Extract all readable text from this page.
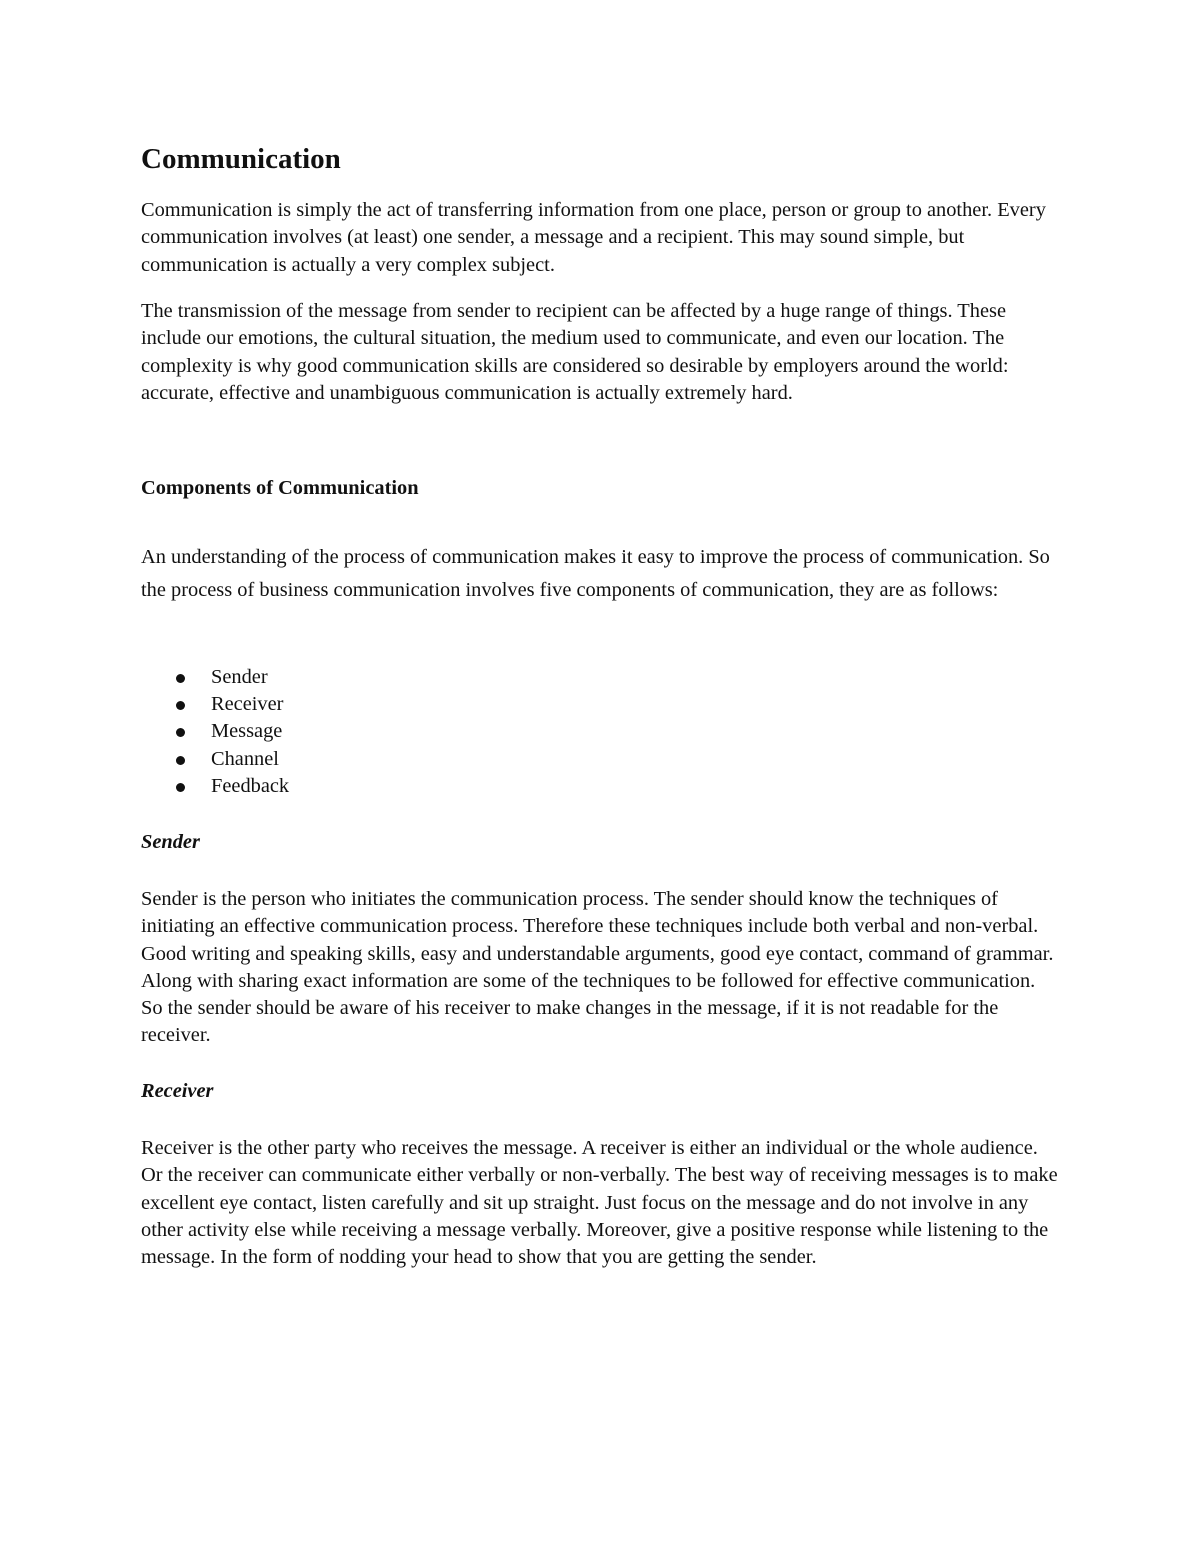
Communication

Communication is simply the act of transferring information from one place, person or group to another. Every communication involves (at least) one sender, a message and a recipient. This may sound simple, but communication is actually a very complex subject.

The transmission of the message from sender to recipient can be affected by a huge range of things. These include our emotions, the cultural situation, the medium used to communicate, and even our location. The complexity is why good communication skills are considered so desirable by employers around the world: accurate, effective and unambiguous communication is actually extremely hard.

Components of Communication

An understanding of the process of communication makes it easy to improve the process of communication. So the process of business communication involves five components of communication, they are as follows:

Sender
Receiver
Message
Channel
Feedback
Sender

Sender is the person who initiates the communication process. The sender should know the techniques of initiating an effective communication process. Therefore these techniques include both verbal and non-verbal. Good writing and speaking skills, easy and understandable arguments, good eye contact, command of grammar. Along with sharing exact information are some of the techniques to be followed for effective communication. So the sender should be aware of his receiver to make changes in the message, if it is not readable for the receiver.

Receiver

Receiver is the other party who receives the message. A receiver is either an individual or the whole audience. Or the receiver can communicate either verbally or non-verbally. The best way of receiving messages is to make excellent eye contact, listen carefully and sit up straight. Just focus on the message and do not involve in any other activity else while receiving a message verbally. Moreover, give a positive response while listening to the message. In the form of nodding your head to show that you are getting the sender.
